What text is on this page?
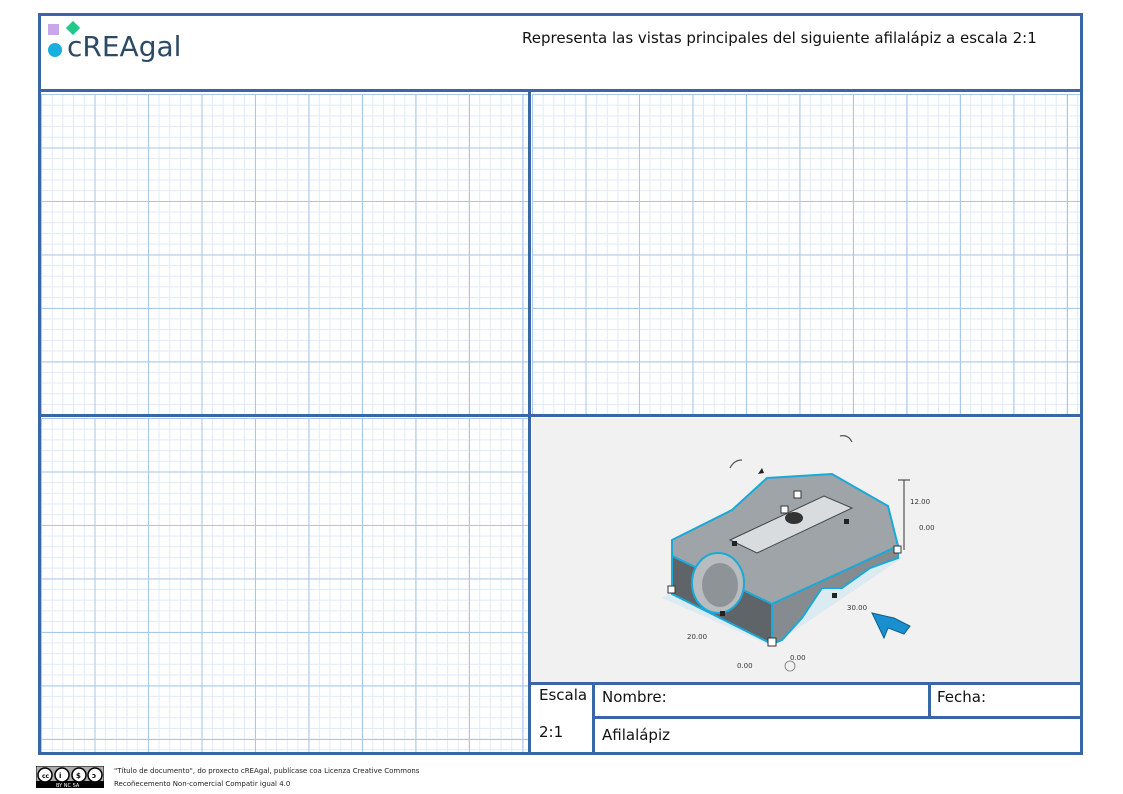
12.00
0.00
30.00
20.00
0.00
0.00
cREAgal	Representa las vistas principales del siguiente afilalápiz a escala 2:1
Escala
2:1
Nombre:	Fecha:
Afilalápiz
cc i $ ↄ
BY NC SA
"Título de documento", do proxecto cREAgal, publícase coa Licenza Creative Commons
Recoñecemento Non-comercial Compatir igual 4.0
